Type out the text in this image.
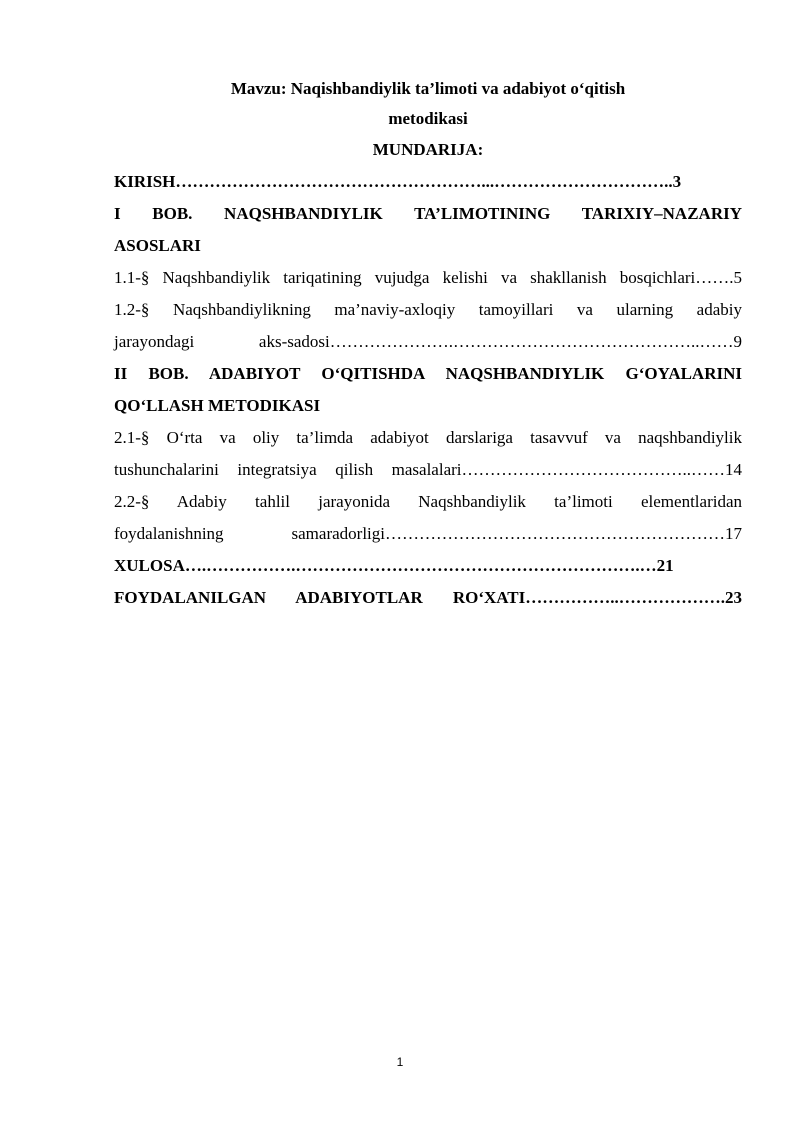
Mavzu: Naqishbandiylik ta’limoti va adabiyot o‘qitish

metodikasi

MUNDARIJA:

KIRISH………………………………………………...…………………………..3

I BOB. NAQSHBANDIYLIK TA’LIMOTINING TARIXIY–NAZARIY
ASOSLARI

1.1-§ Naqshbandiylik tariqatining vujudga kelishi va shakllanish bosqichlari…….5

1.2-§ Naqshbandiylikning ma’naviy-axloqiy tamoyillari va ularning adabiy
jarayondagi aks-sadosi………………….……………………………………..……9

II BOB. ADABIYOT O‘QITISHDA NAQSHBANDIYLIK G‘OYALARINI
QO‘LLASH METODIKASI

2.1-§ O‘rta va oliy ta’limda adabiyot darslariga tasavvuf va naqshbandiylik
tushunchalarini integratsiya qilish masalalari…………………………………..……14

2.2-§ Adabiy tahlil jarayonida Naqshbandiylik ta’limoti elementlaridan
foydalanishning samaradorligi……………………………………………………17

XULOSA….…………….…………………………………………………….…21

FOYDALANILGAN ADABIYOTLAR RO‘XATI……………..……………….23

1
